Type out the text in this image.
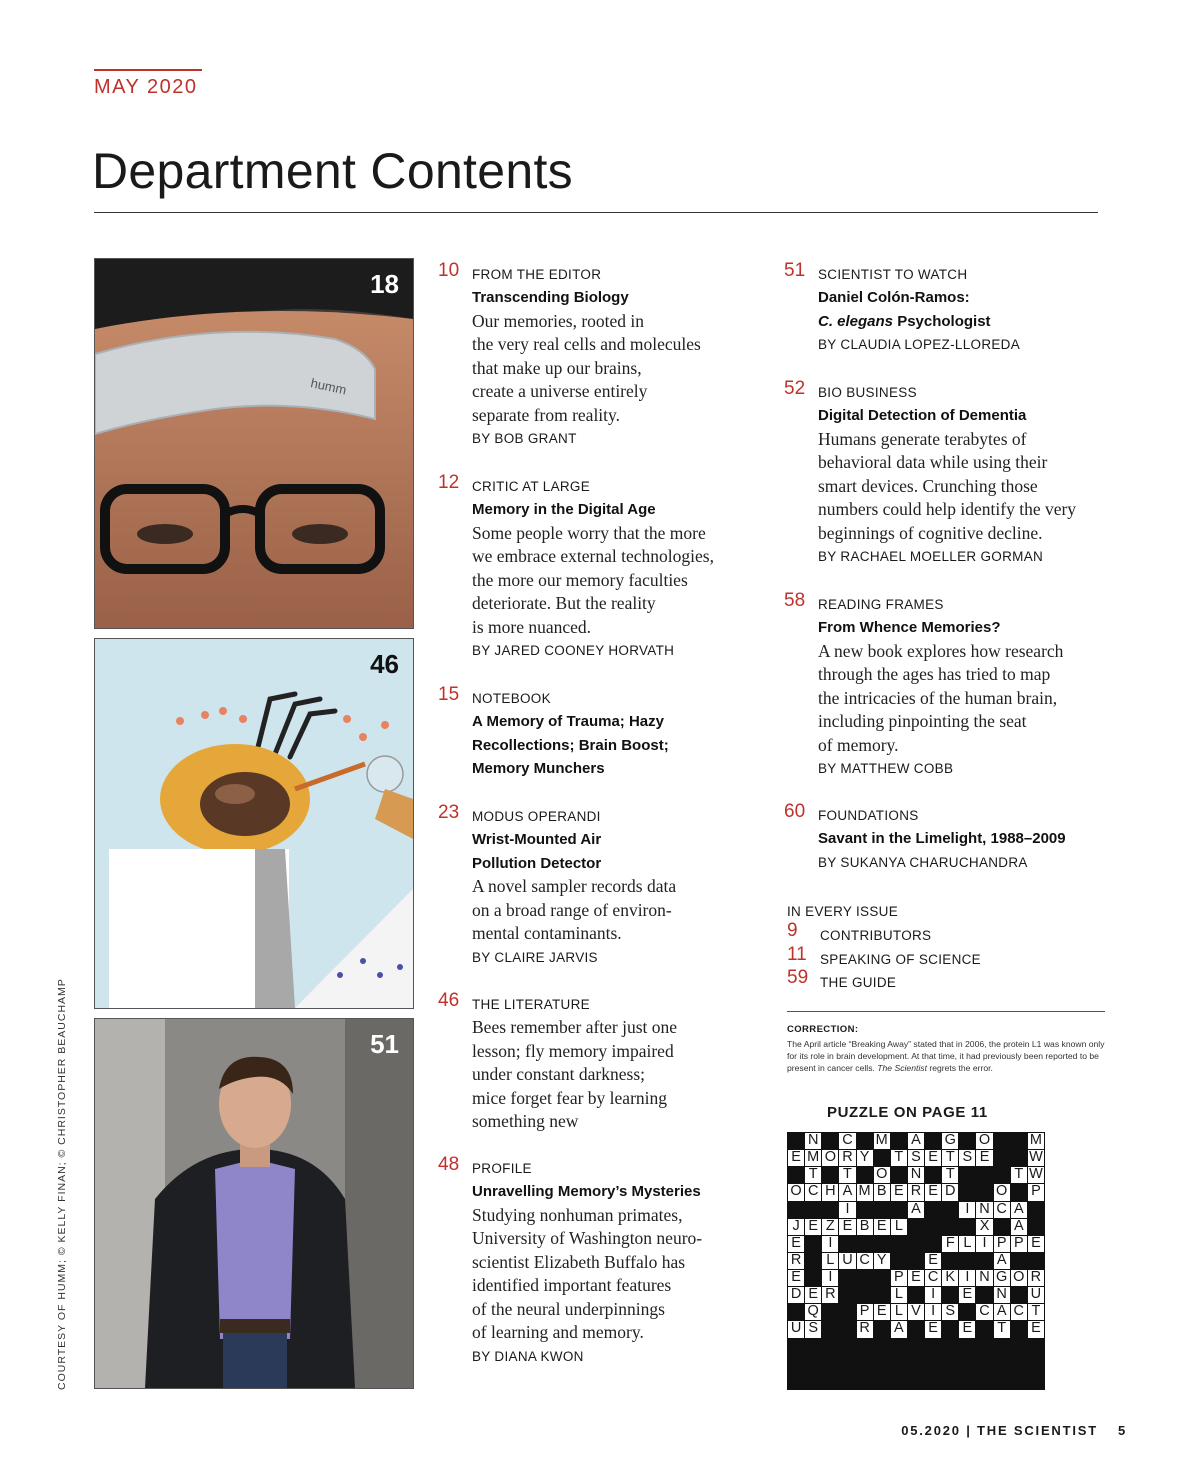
MAY 2020
Department Contents
COURTESY OF HUMM; © KELLY FINAN; © CHRISTOPHER BEAUCHAMP
humm
18
46
51
10 FROM THE EDITOR
Transcending Biology
Our memories, rooted in
the very real cells and molecules
that make up our brains,
create a universe entirely
separate from reality.
BY BOB GRANT
12 CRITIC AT LARGE
Memory in the Digital Age
Some people worry that the more
we embrace external technologies,
the more our memory faculties
deteriorate. But the reality
is more nuanced.
BY JARED COONEY HORVATH
15 NOTEBOOK
A Memory of Trauma; Hazy
Recollections; Brain Boost;
Memory Munchers
23 MODUS OPERANDI
Wrist-Mounted Air
Pollution Detector
A novel sampler records data
on a broad range of environ-
mental contaminants.
BY CLAIRE JARVIS
46 THE LITERATURE
Bees remember after just one
lesson; fly memory impaired
under constant darkness;
mice forget fear by learning
something new
48 PROFILE
Unravelling Memory’s Mysteries
Studying nonhuman primates,
University of Washington neuro-
scientist Elizabeth Buffalo has
identified important features
of the neural underpinnings
of learning and memory.
BY DIANA KWON
51 SCIENTIST TO WATCH
Daniel Colón-Ramos:
C. elegans Psychologist
BY CLAUDIA LOPEZ-LLOREDA
52 BIO BUSINESS
Digital Detection of Dementia
Humans generate terabytes of
behavioral data while using their
smart devices. Crunching those
numbers could help identify the very
beginnings of cognitive decline.
BY RACHAEL MOELLER GORMAN
58 READING FRAMES
From Whence Memories?
A new book explores how research
through the ages has tried to map
the intricacies of the human brain,
including pinpointing the seat
of memory.
BY MATTHEW COBB
60 FOUNDATIONS
Savant in the Limelight, 1988–2009
BY SUKANYA CHARUCHANDRA
IN EVERY ISSUE
9 CONTRIBUTORS
11 SPEAKING OF SCIENCE
59 THE GUIDE
CORRECTION:
The April article “Breaking Away” stated that in 2006, the protein L1 was known only for its role in brain development. At that time, it had previously been reported to be present in cancer cells. The Scientist regrets the error.
PUZZLE ON PAGE 11
N C M A G O	M
E M O R Y T S E T S E	W
T T O N T	T W
O C H A M B E R E D	O P
I	A	I N C A
J E Z E B E L	X A
E	I	F L I P P E
R L U C Y	E	A
E	I	P E C K I N G O R
D E R	L	I	E N U
Q	P E L V I S C A C T
U S	R A E E T E
05.2020 | THE SCIENTIST 5
